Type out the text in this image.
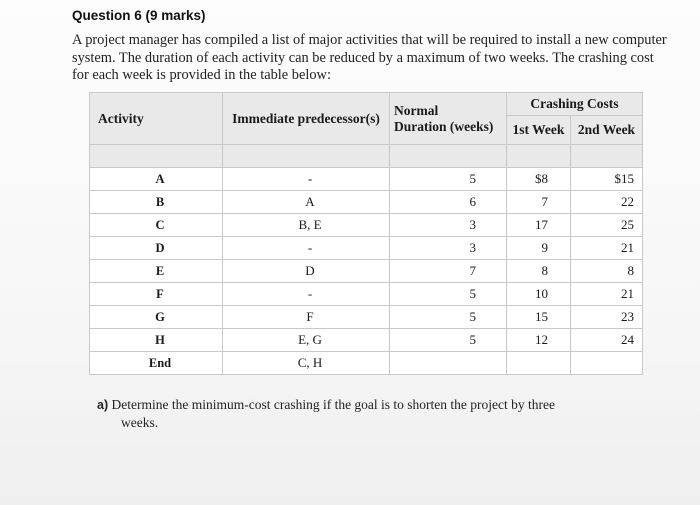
Question 6 (9 marks)
A project manager has compiled a list of major activities that will be required to install a new computer system. The duration of each activity can be reduced by a maximum of two weeks. The crashing cost for each week is provided in the table below:
Activity	Immediate predecessor(s)	Normal
Duration (weeks)	Crashing Costs	
			1st Week	2nd Week

A	-	5	$8	$15
B	A	6	7	22
C	B, E	3	17	25
D	-	3	9	21
E	D	7	8	8
F	-	5	10	21
G	F	5	15	23
H	E, G	5	12	24
End	C, H			
a) Determine the minimum-cost crashing if the goal is to shorten the project by three
weeks.
